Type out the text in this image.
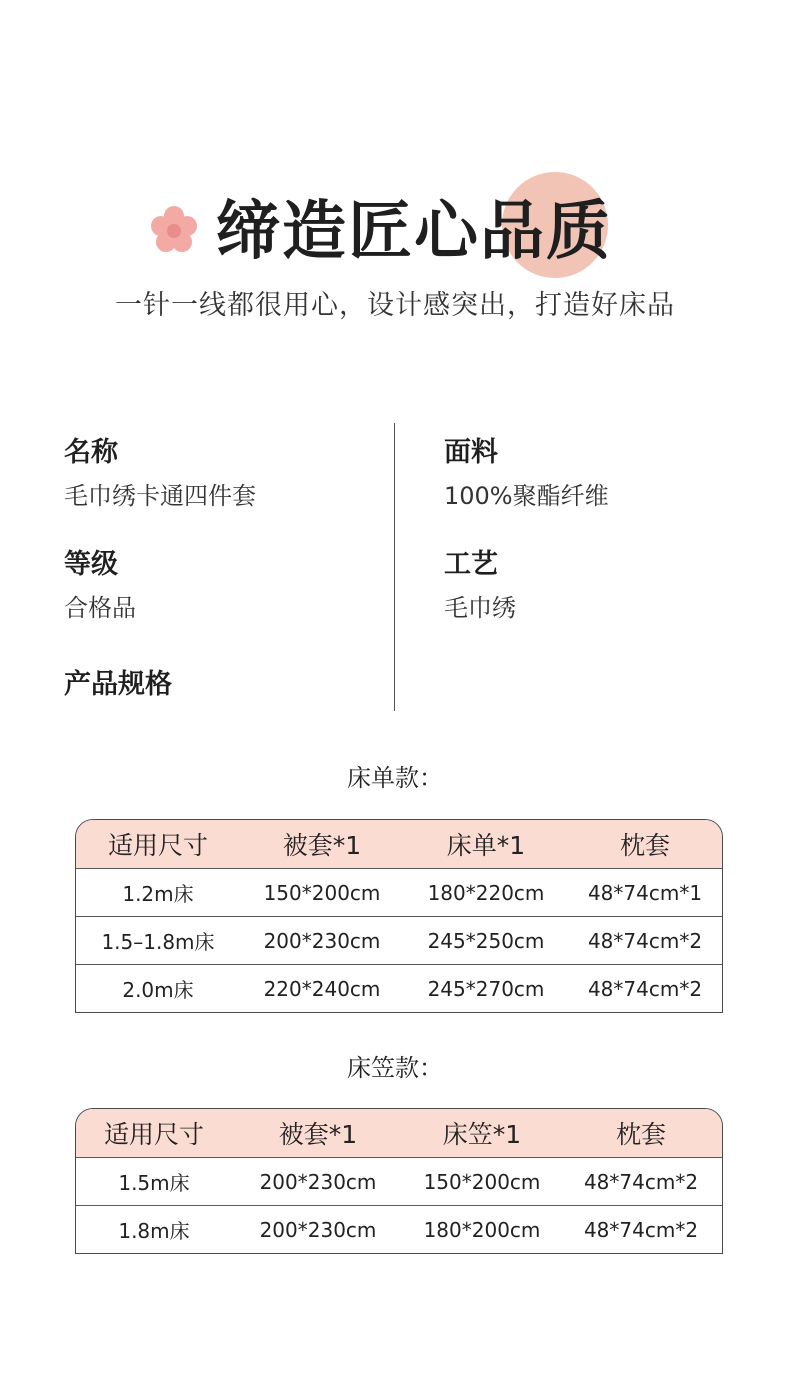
缔造匠心品质
一针一线都很用心，设计感突出，打造好床品
名称
毛巾绣卡通四件套
面料
100%聚酯纤维
等级
合格品
工艺
毛巾绣
产品规格
床单款：
适用尺寸	被套*1	床单*1	枕套
1.2m床	150*200cm	180*220cm	48*74cm*1
1.5–1.8m床	200*230cm	245*250cm	48*74cm*2
2.0m床	220*240cm	245*270cm	48*74cm*2
床笠款：
适用尺寸	被套*1	床笠*1	枕套
1.5m床	200*230cm	150*200cm	48*74cm*2
1.8m床	200*230cm	180*200cm	48*74cm*2
